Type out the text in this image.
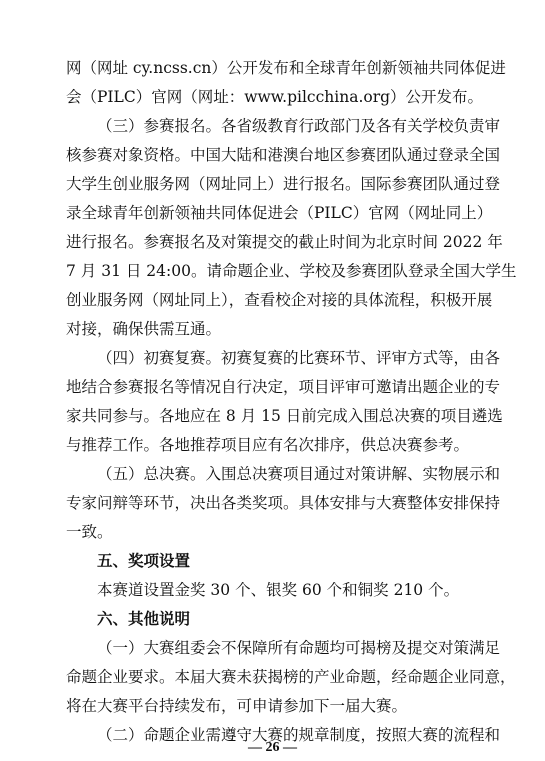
网（网址 cy.ncss.cn）公开发布和全球青年创新领袖共同体促进
会（PILC）官网（网址：www.pilcchina.org）公开发布。
（三）参赛报名。各省级教育行政部门及各有关学校负责审
核参赛对象资格。中国大陆和港澳台地区参赛团队通过登录全国
大学生创业服务网（网址同上）进行报名。国际参赛团队通过登
录全球青年创新领袖共同体促进会（PILC）官网（网址同上）
进行报名。参赛报名及对策提交的截止时间为北京时间 2022 年
7 月 31 日 24:00。请命题企业、学校及参赛团队登录全国大学生
创业服务网（网址同上），查看校企对接的具体流程，积极开展
对接，确保供需互通。
（四）初赛复赛。初赛复赛的比赛环节、评审方式等，由各
地结合参赛报名等情况自行决定，项目评审可邀请出题企业的专
家共同参与。各地应在 8 月 15 日前完成入围总决赛的项目遴选
与推荐工作。各地推荐项目应有名次排序，供总决赛参考。
（五）总决赛。入围总决赛项目通过对策讲解、实物展示和
专家问辩等环节，决出各类奖项。具体安排与大赛整体安排保持
一致。
五、奖项设置
本赛道设置金奖 30 个、银奖 60 个和铜奖 210 个。
六、其他说明
（一）大赛组委会不保障所有命题均可揭榜及提交对策满足
命题企业要求。本届大赛未获揭榜的产业命题，经命题企业同意，
将在大赛平台持续发布，可申请参加下一届大赛。
（二）命题企业需遵守大赛的规章制度，按照大赛的流程和
— 26 —
